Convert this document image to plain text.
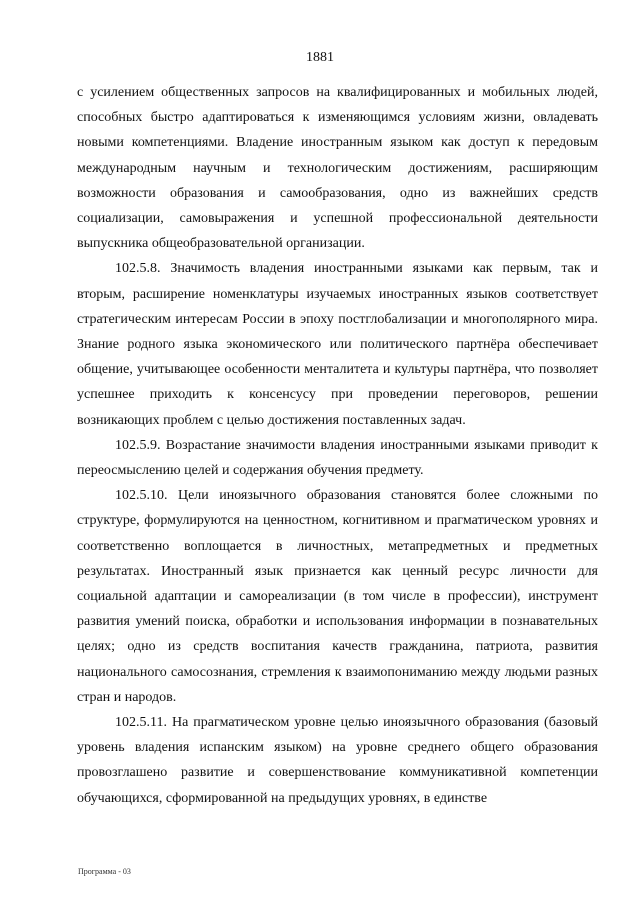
1881

с усилением общественных запросов на квалифицированных и мобильных людей, способных быстро адаптироваться к изменяющимся условиям жизни, овладевать новыми компетенциями. Владение иностранным языком как доступ к передовым международным научным и технологическим достижениям, расширяющим возможности образования и самообразования, одно из важнейших средств социализации, самовыражения и успешной профессиональной деятельности выпускника общеобразовательной организации.

102.5.8. Значимость владения иностранными языками как первым, так и вторым, расширение номенклатуры изучаемых иностранных языков соответствует стратегическим интересам России в эпоху постглобализации и многополярного мира. Знание родного языка экономического или политического партнёра обеспечивает общение, учитывающее особенности менталитета и культуры партнёра, что позволяет успешнее приходить к консенсусу при проведении переговоров, решении возникающих проблем с целью достижения поставленных задач.

102.5.9. Возрастание значимости владения иностранными языками приводит к переосмыслению целей и содержания обучения предмету.

102.5.10. Цели иноязычного образования становятся более сложными по структуре, формулируются на ценностном, когнитивном и прагматическом уровнях и соответственно воплощается в личностных, метапредметных и предметных результатах. Иностранный язык признается как ценный ресурс личности для социальной адаптации и самореализации (в том числе в профессии), инструмент развития умений поиска, обработки и использования информации в познавательных целях; одно из средств воспитания качеств гражданина, патриота, развития национального самосознания, стремления к взаимопониманию между людьми разных стран и народов.

102.5.11. На прагматическом уровне целью иноязычного образования (базовый уровень владения испанским языком) на уровне среднего общего образования провозглашено развитие и совершенствование коммуникативной компетенции обучающихся, сформированной на предыдущих уровнях, в единстве

Программа - 03
